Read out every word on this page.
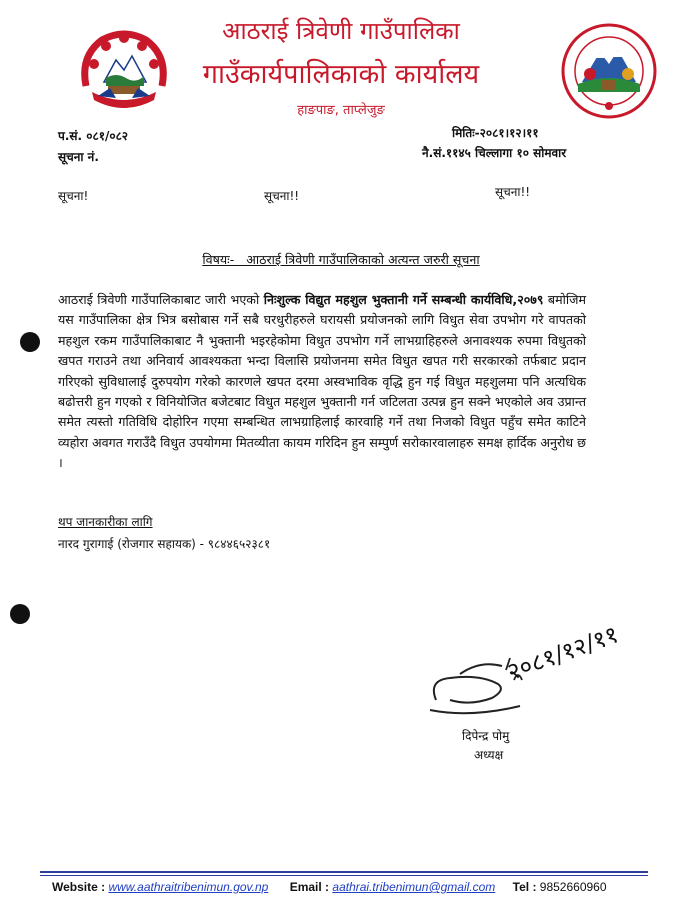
आठराई त्रिवेणी गाउँपालिका
गाउँकार्यपालिकाको कार्यालय
हाङपाङ, ताप्लेजुङ
प.सं. ०८१/०८२
सूचना नं.
मितिः-२०८१।१२।११
नै.सं.११४५ चिल्लागा १० सोमवार
सूचना!	सूचना!!	सूचना!!
विषयः-   आठराई त्रिवेणी गाउँपालिकाको अत्यन्त जरुरी सूचना
आठराई त्रिवेणी गाउँपालिकाबाट जारी भएको निःशुल्क विद्युत महशुल भुक्तानी गर्ने सम्बन्धी कार्यविधि,२०७९ बमोजिम यस गाउँपालिका क्षेत्र भित्र बसोबास गर्ने सबै घरधुरीहरुले घरायसी प्रयोजनको लागि विधुत सेवा उपभोग गरे वापतको महशुल रकम गाउँपालिकाबाट नै भुक्तानी भइरहेकोमा विधुत उपभोग गर्ने लाभग्राहिहरुले अनावश्यक रुपमा विधुतको खपत गराउने तथा अनिवार्य आवश्यकता भन्दा विलासि प्रयोजनमा समेत विधुत खपत गरी सरकारको तर्फबाट प्रदान गरिएको सुविधालाई दुरुपयोग गरेको कारणले खपत दरमा अस्वभाविक वृद्धि हुन गई विधुत महशुलमा पनि अत्यधिक बढोत्तरी हुन गएको र विनियोजित बजेटबाट विधुत महशुल भुक्तानी गर्न जटिलता उत्पन्न हुन सक्ने भएकोले अव उप्रान्त समेत त्यस्तो गतिविधि दोहोरिन गएमा सम्बन्धित लाभग्राहिलाई कारवाहि गर्ने तथा निजको विधुत पहुँच समेत काटिने व्यहोरा अवगत गराउँदै विधुत उपयोगमा मितव्यीता कायम गरिदिन हुन सम्पुर्ण सरोकारवालाहरु समक्ष हार्दिक अनुरोध छ ।
थप जानकारीका लागि
नारद गुरागाई (रोजगार सहायक) - ९८४४६५२३८१
२०८१/१२/११
दिपेन्द्र पोमु
अध्यक्ष
Website : www.aathraitribenimun.gov.np Email : aathrai.tribenimun@gmail.com Tel : 9852660960
